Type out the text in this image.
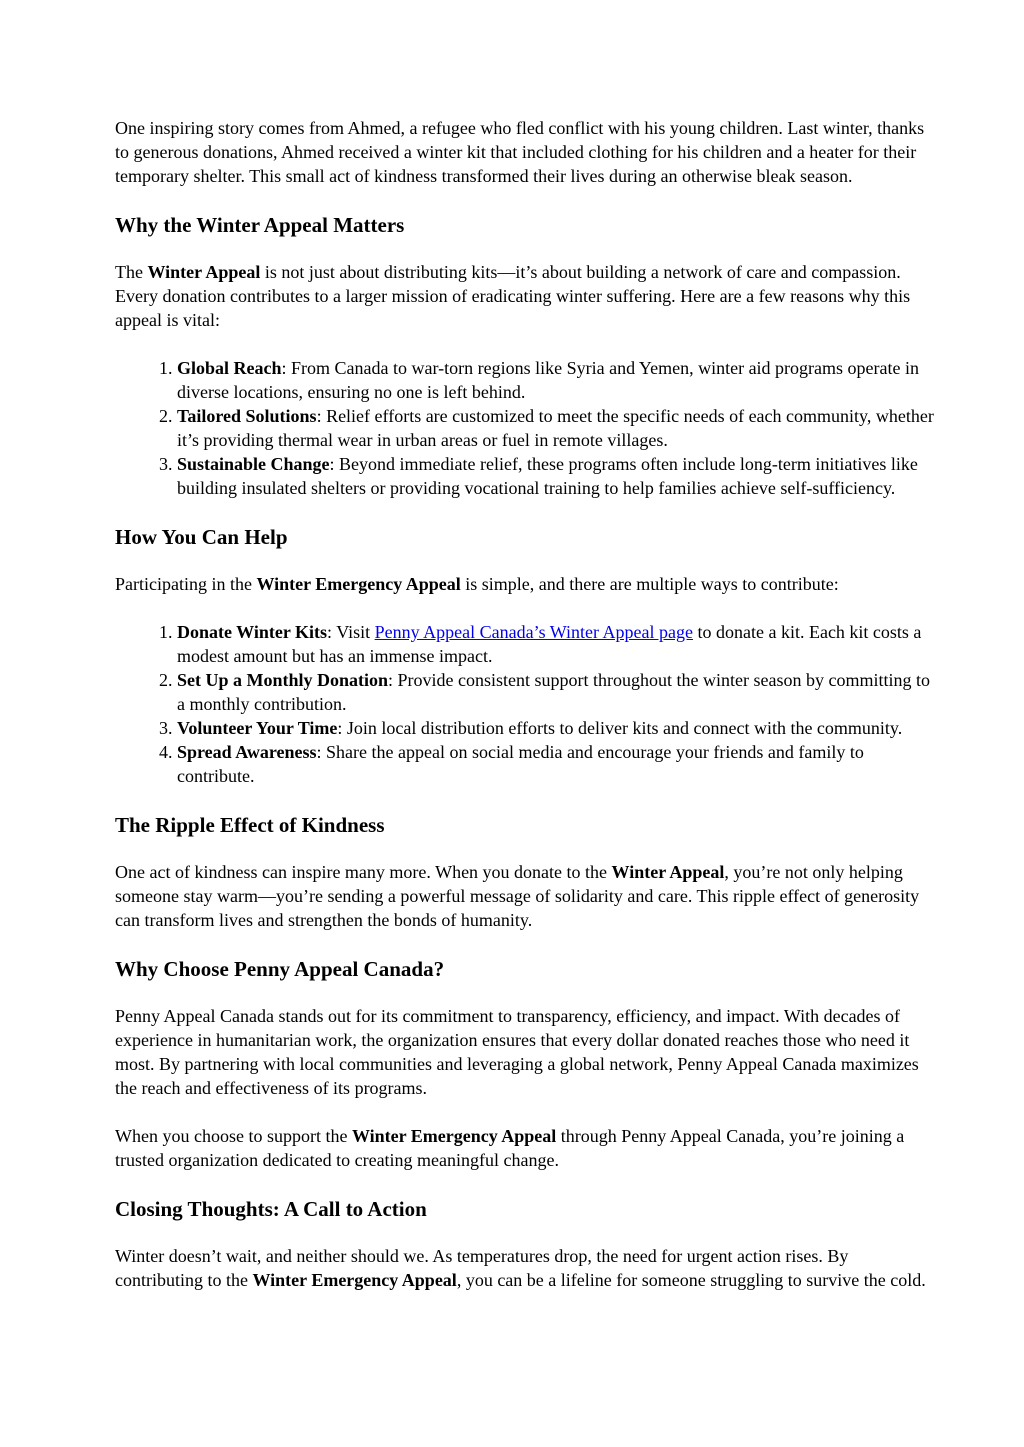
One inspiring story comes from Ahmed, a refugee who fled conflict with his young children. Last winter, thanks to generous donations, Ahmed received a winter kit that included clothing for his children and a heater for their temporary shelter. This small act of kindness transformed their lives during an otherwise bleak season.

Why the Winter Appeal Matters

The Winter Appeal is not just about distributing kits—it’s about building a network of care and compassion. Every donation contributes to a larger mission of eradicating winter suffering. Here are a few reasons why this appeal is vital:

1. Global Reach: From Canada to war-torn regions like Syria and Yemen, winter aid programs operate in diverse locations, ensuring no one is left behind.
2. Tailored Solutions: Relief efforts are customized to meet the specific needs of each community, whether it’s providing thermal wear in urban areas or fuel in remote villages.
3. Sustainable Change: Beyond immediate relief, these programs often include long-term initiatives like building insulated shelters or providing vocational training to help families achieve self-sufficiency.
How You Can Help

Participating in the Winter Emergency Appeal is simple, and there are multiple ways to contribute:

1. Donate Winter Kits: Visit Penny Appeal Canada’s Winter Appeal page to donate a kit. Each kit costs a modest amount but has an immense impact.
2. Set Up a Monthly Donation: Provide consistent support throughout the winter season by committing to a monthly contribution.
3. Volunteer Your Time: Join local distribution efforts to deliver kits and connect with the community.
4. Spread Awareness: Share the appeal on social media and encourage your friends and family to contribute.
The Ripple Effect of Kindness

One act of kindness can inspire many more. When you donate to the Winter Appeal, you’re not only helping someone stay warm—you’re sending a powerful message of solidarity and care. This ripple effect of generosity can transform lives and strengthen the bonds of humanity.

Why Choose Penny Appeal Canada?

Penny Appeal Canada stands out for its commitment to transparency, efficiency, and impact. With decades of experience in humanitarian work, the organization ensures that every dollar donated reaches those who need it most. By partnering with local communities and leveraging a global network, Penny Appeal Canada maximizes the reach and effectiveness of its programs.

When you choose to support the Winter Emergency Appeal through Penny Appeal Canada, you’re joining a trusted organization dedicated to creating meaningful change.

Closing Thoughts: A Call to Action

Winter doesn’t wait, and neither should we. As temperatures drop, the need for urgent action rises. By contributing to the Winter Emergency Appeal, you can be a lifeline for someone struggling to survive the cold.
